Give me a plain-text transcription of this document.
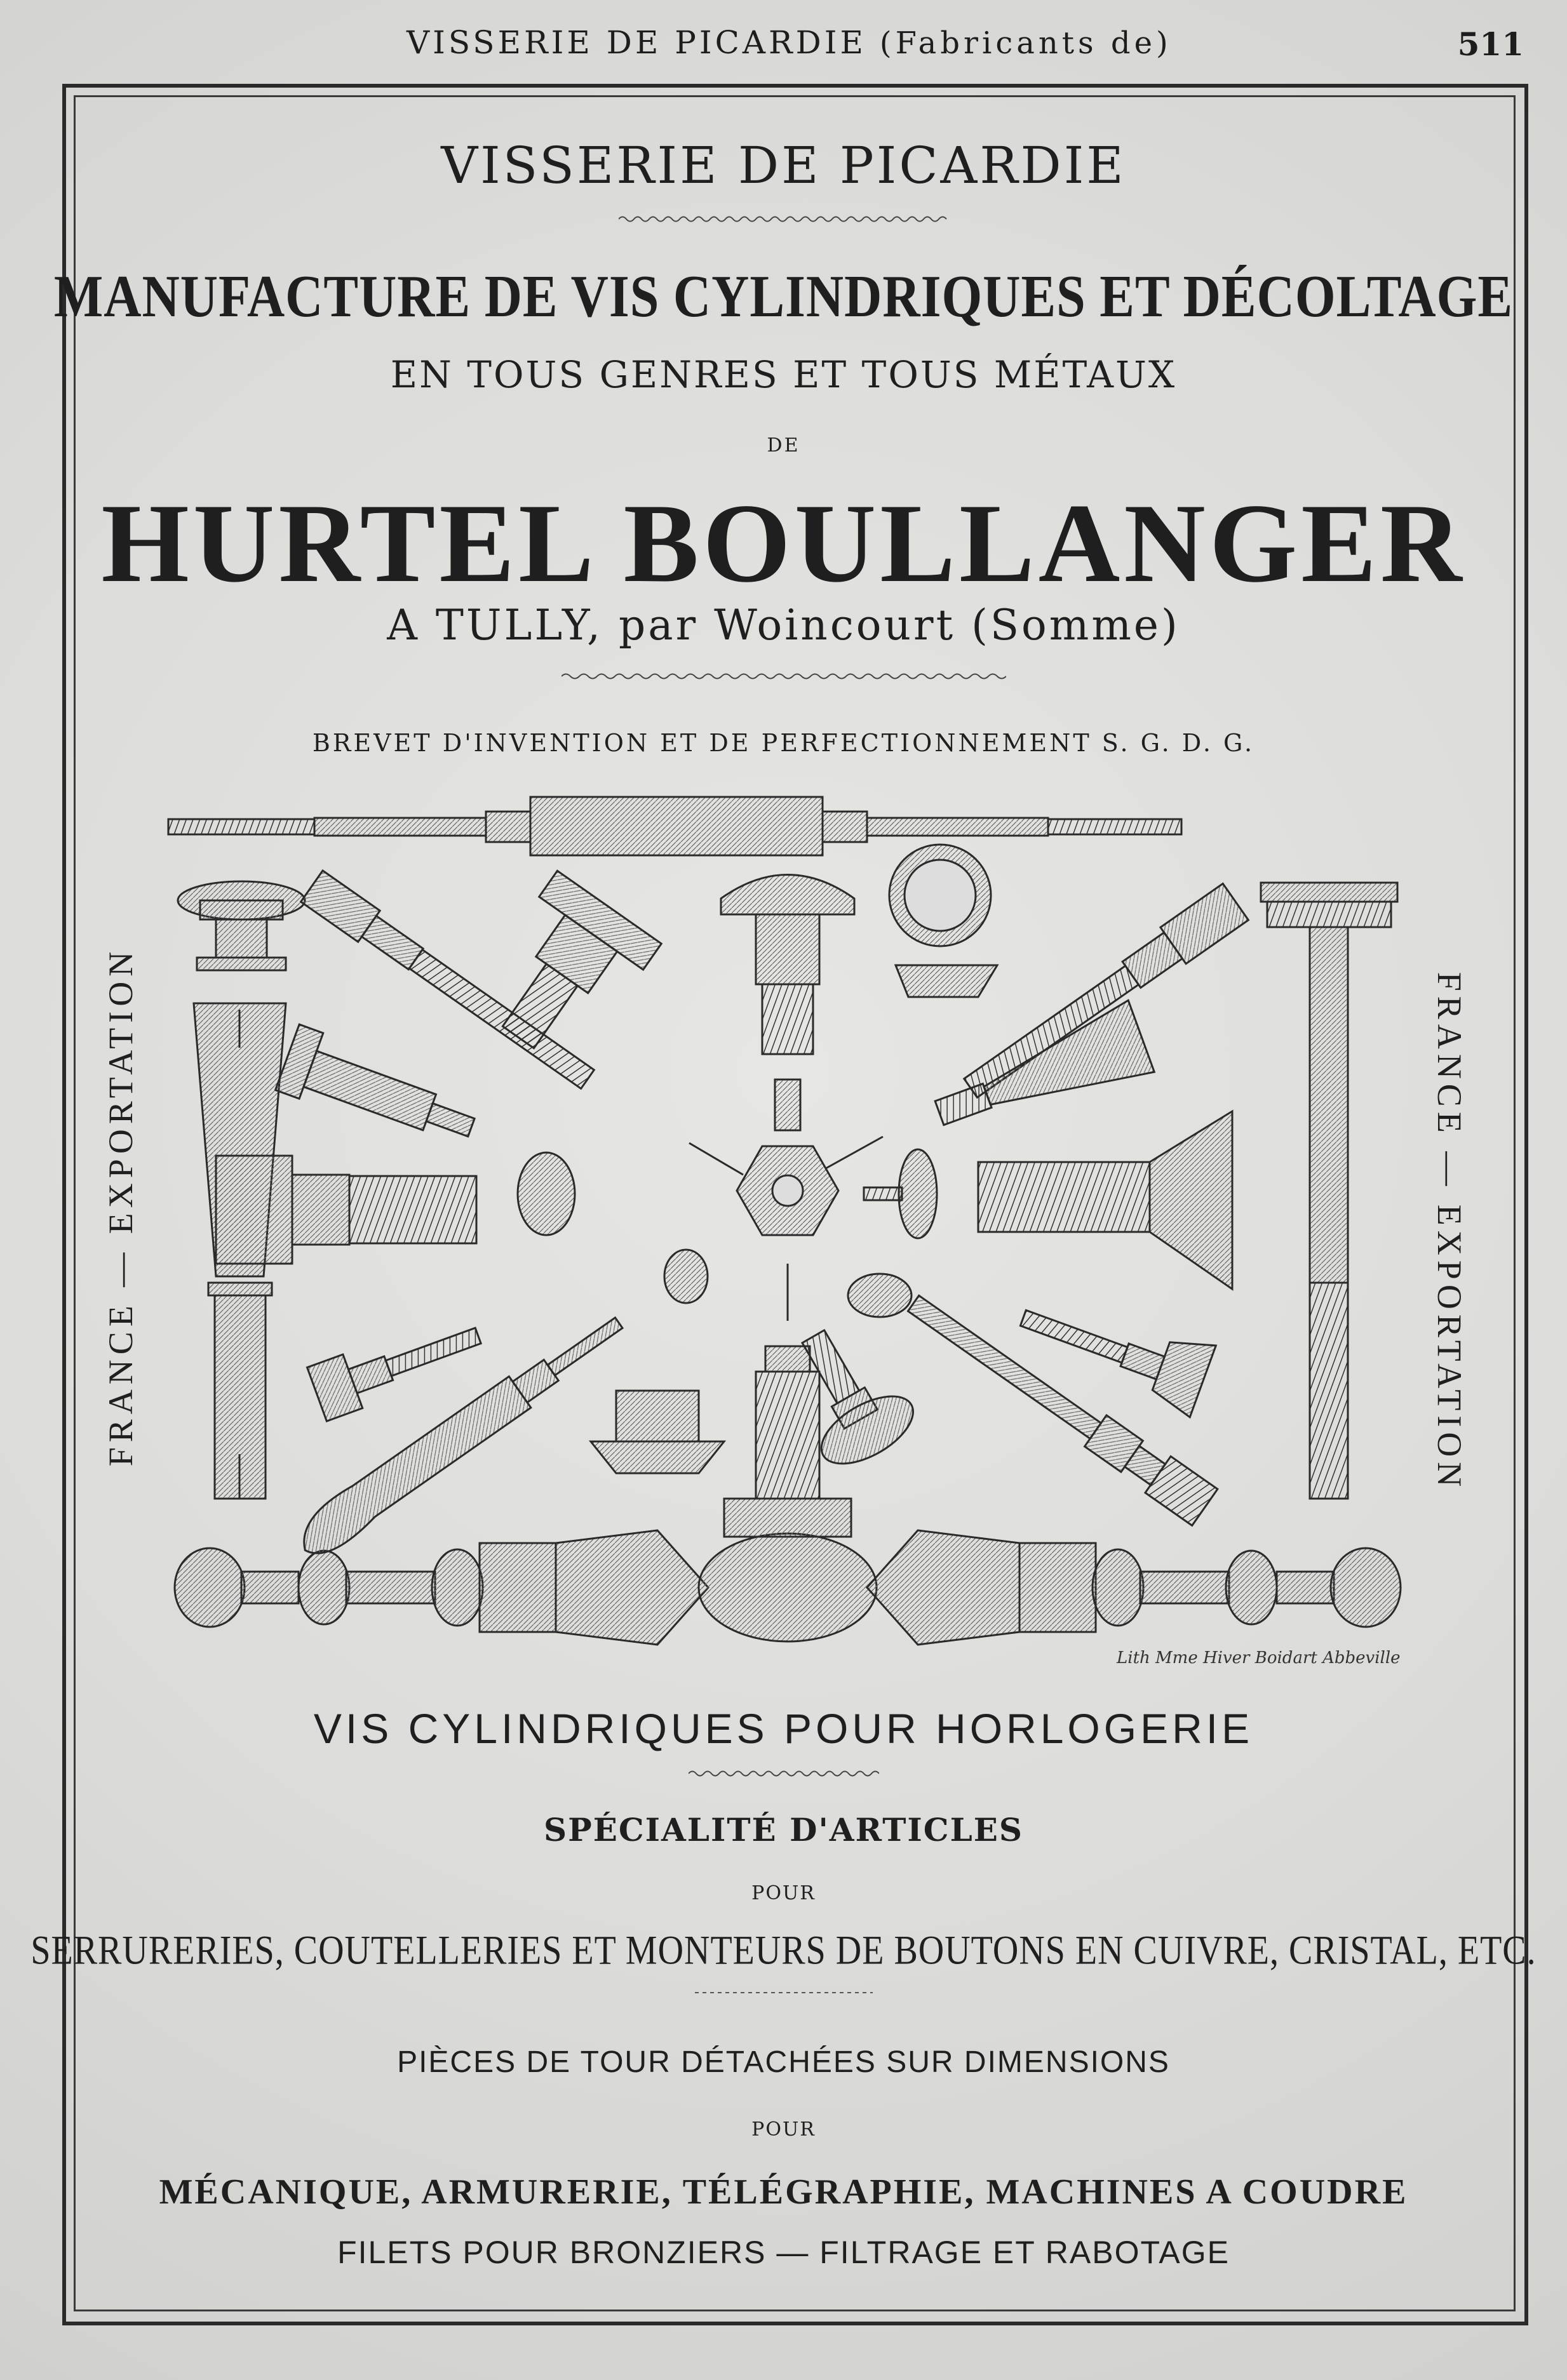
VISSERIE DE PICARDIE (Fabricants de)	511
VISSERIE DE PICARDIE
MANUFACTURE DE VIS CYLINDRIQUES ET DÉCOLTAGE
EN TOUS GENRES ET TOUS MÉTAUX
DE
HURTEL BOULLANGER
A TULLY, par Woincourt (Somme)
BREVET D'INVENTION ET DE PERFECTIONNEMENT S. G. D. G.
FRANCE — EXPORTATION	FRANCE — EXPORTATION
Lith Mme Hiver Boidart Abbeville
VIS CYLINDRIQUES POUR HORLOGERIE
SPÉCIALITÉ D'ARTICLES
POUR
SERRURERIES, COUTELLERIES ET MONTEURS DE BOUTONS EN CUIVRE, CRISTAL, ETC.
PIÈCES DE TOUR DÉTACHÉES SUR DIMENSIONS
POUR
MÉCANIQUE, ARMURERIE, TÉLÉGRAPHIE, MACHINES A COUDRE
FILETS POUR BRONZIERS — FILTRAGE ET RABOTAGE
